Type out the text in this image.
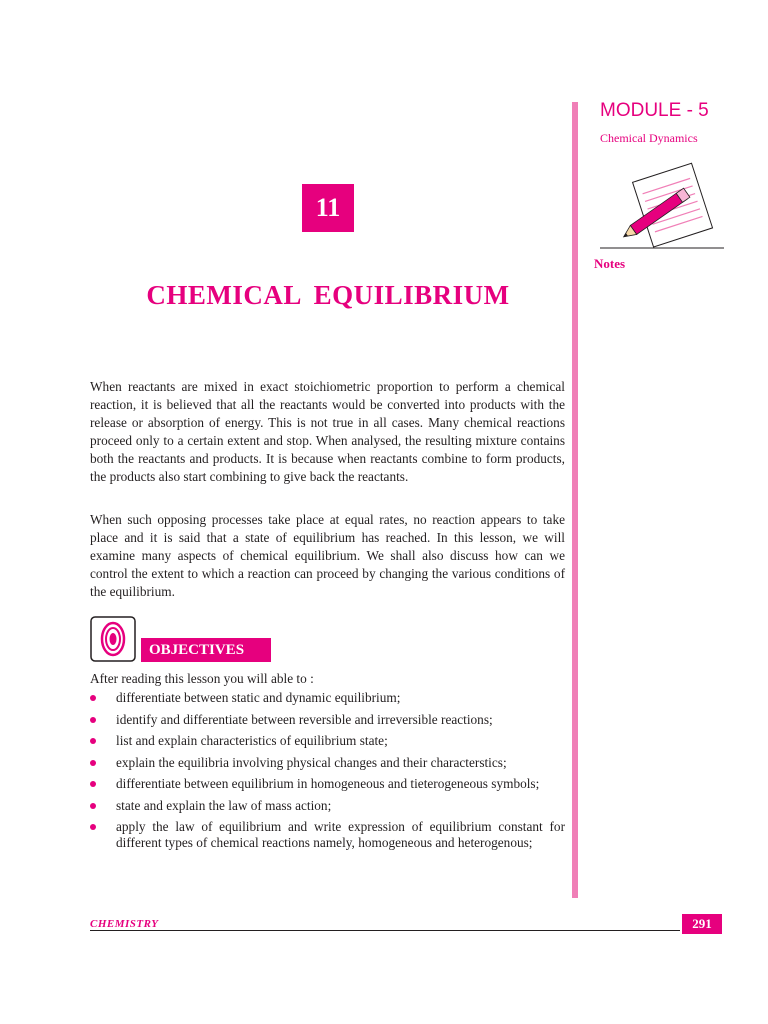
MODULE - 5
Chemical Dynamics
Notes
11
CHEMICAL EQUILIBRIUM

When reactants are mixed in exact stoichiometric proportion to perform a chemical reaction, it is believed that all the reactants would be converted into products with the release or absorption of energy. This is not true in all cases. Many chemical reactions proceed only to a certain extent and stop. When analysed, the resulting mixture contains both the reactants and products. It is because when reactants combine to form products, the products also start combining to give back the reactants.

When such opposing processes take place at equal rates, no reaction appears to take place and it is said that a state of equilibrium has reached. In this lesson, we will examine many aspects of chemical equilibrium. We shall also discuss how can we control the extent to which a reaction can proceed by changing the various conditions of the equilibrium.

OBJECTIVES
After reading this lesson you will able to :
differentiate between static and dynamic equilibrium;
identify and differentiate between reversible and irreversible reactions;
list and explain characteristics of equilibrium state;
explain the equilibria involving physical changes and their characterstics;
differentiate between equilibrium in homogeneous and tieterogeneous symbols;
state and explain the law of mass action;
apply the law of equilibrium and write expression of equilibrium constant for different types of chemical reactions namely, homogeneous and heterogenous;
CHEMISTRY	291
